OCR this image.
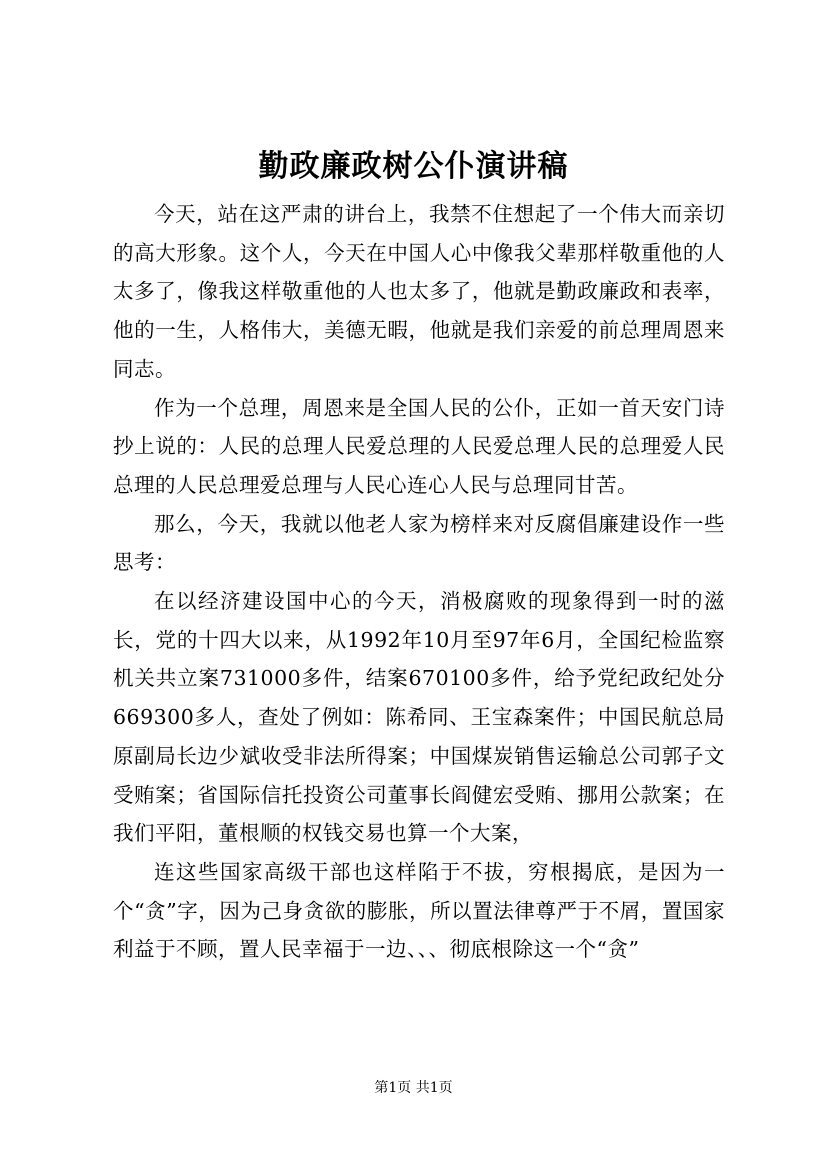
勤政廉政树公仆演讲稿

今天，站在这严肃的讲台上，我禁不住想起了一个伟大而亲切的高大形象。这个人，今天在中国人心中像我父辈那样敬重他的人太多了，像我这样敬重他的人也太多了，他就是勤政廉政和表率，他的一生，人格伟大，美德无暇，他就是我们亲爱的前总理周恩来同志。

作为一个总理，周恩来是全国人民的公仆，正如一首天安门诗抄上说的：人民的总理人民爱总理的人民爱总理人民的总理爱人民总理的人民总理爱总理与人民心连心人民与总理同甘苦。

那么，今天，我就以他老人家为榜样来对反腐倡廉建设作一些思考：

在以经济建设国中心的今天，消极腐败的现象得到一时的滋长，党的十四大以来，从1992年10月至97年6月，全国纪检监察机关共立案731000多件，结案670100多件，给予党纪政纪处分669300多人，查处了例如：陈希同、王宝森案件；中国民航总局原副局长边少斌收受非法所得案；中国煤炭销售运输总公司郭子文受贿案；省国际信托投资公司董事长阎健宏受贿、挪用公款案；在我们平阳，董根顺的权钱交易也算一个大案，

连这些国家高级干部也这样陷于不拔，穷根揭底，是因为一个“贪”字，因为己身贪欲的膨胀，所以置法律尊严于不屑，置国家利益于不顾，置人民幸福于一边、、、彻底根除这一个“贪”

第1页 共1页
